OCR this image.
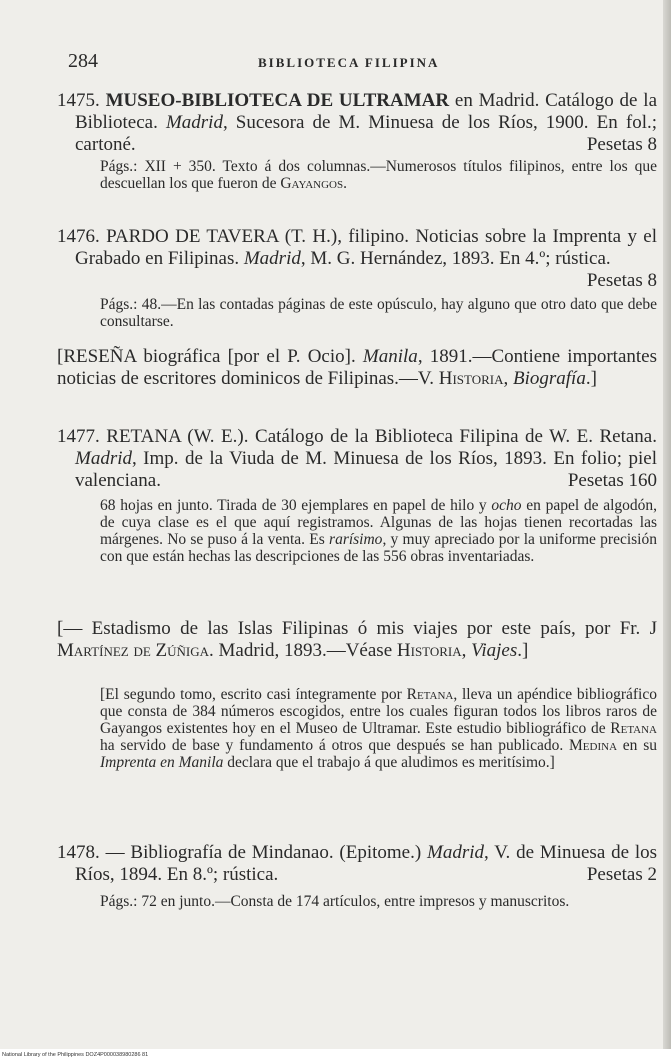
284	BIBLIOTECA FILIPINA
1475. MUSEO-BIBLIOTECA DE ULTRAMAR en Madrid. Catálogo de la Biblioteca. Madrid, Sucesora de M. Minuesa de los Ríos, 1900. En fol.; cartoné.	Pesetas 8
Págs.: XII + 350. Texto á dos columnas.—Numerosos títulos filipinos, entre los que descuellan los que fueron de Gayangos.
1476. PARDO DE TAVERA (T. H.), filipino. Noticias sobre la Imprenta y el Grabado en Filipinas. Madrid, M. G. Hernández, 1893. En 4.º; rústica.
Pesetas 8
Págs.: 48.—En las contadas páginas de este opúsculo, hay alguno que otro dato que debe consultarse.
[RESEÑA biográfica [por el P. Ocio]. Manila, 1891.—Contiene importantes noticias de escritores dominicos de Filipinas.—V. Historia, Biografía.]
1477. RETANA (W. E.). Catálogo de la Biblioteca Filipina de W. E. Retana. Madrid, Imp. de la Viuda de M. Minuesa de los Ríos, 1893. En folio; piel valenciana.	Pesetas 160
68 hojas en junto. Tirada de 30 ejemplares en papel de hilo y ocho en papel de algodón, de cuya clase es el que aquí registramos. Algunas de las hojas tienen recortadas las márgenes. No se puso á la venta. Es rarísimo, y muy apreciado por la uniforme precisión con que están hechas las descripciones de las 556 obras inventariadas.
[— Estadismo de las Islas Filipinas ó mis viajes por este país, por Fr. J Martínez de Zúñiga. Madrid, 1893.—Véase Historia, Viajes.]
[El segundo tomo, escrito casi íntegramente por Retana, lleva un apéndice bibliográfico que consta de 384 números escogidos, entre los cuales figuran todos los libros raros de Gayangos existentes hoy en el Museo de Ultramar. Este estudio bibliográfico de Retana ha servido de base y fundamento á otros que después se han publicado. Medina en su Imprenta en Manila declara que el trabajo á que aludimos es meritísimo.]
1478. — Bibliografía de Mindanao. (Epitome.) Madrid, V. de Minuesa de los Ríos, 1894. En 8.º; rústica.	Pesetas 2
Págs.: 72 en junto.—Consta de 174 artículos, entre impresos y manuscritos.
National Library of the Philippines DOZ4P000038980286 81
